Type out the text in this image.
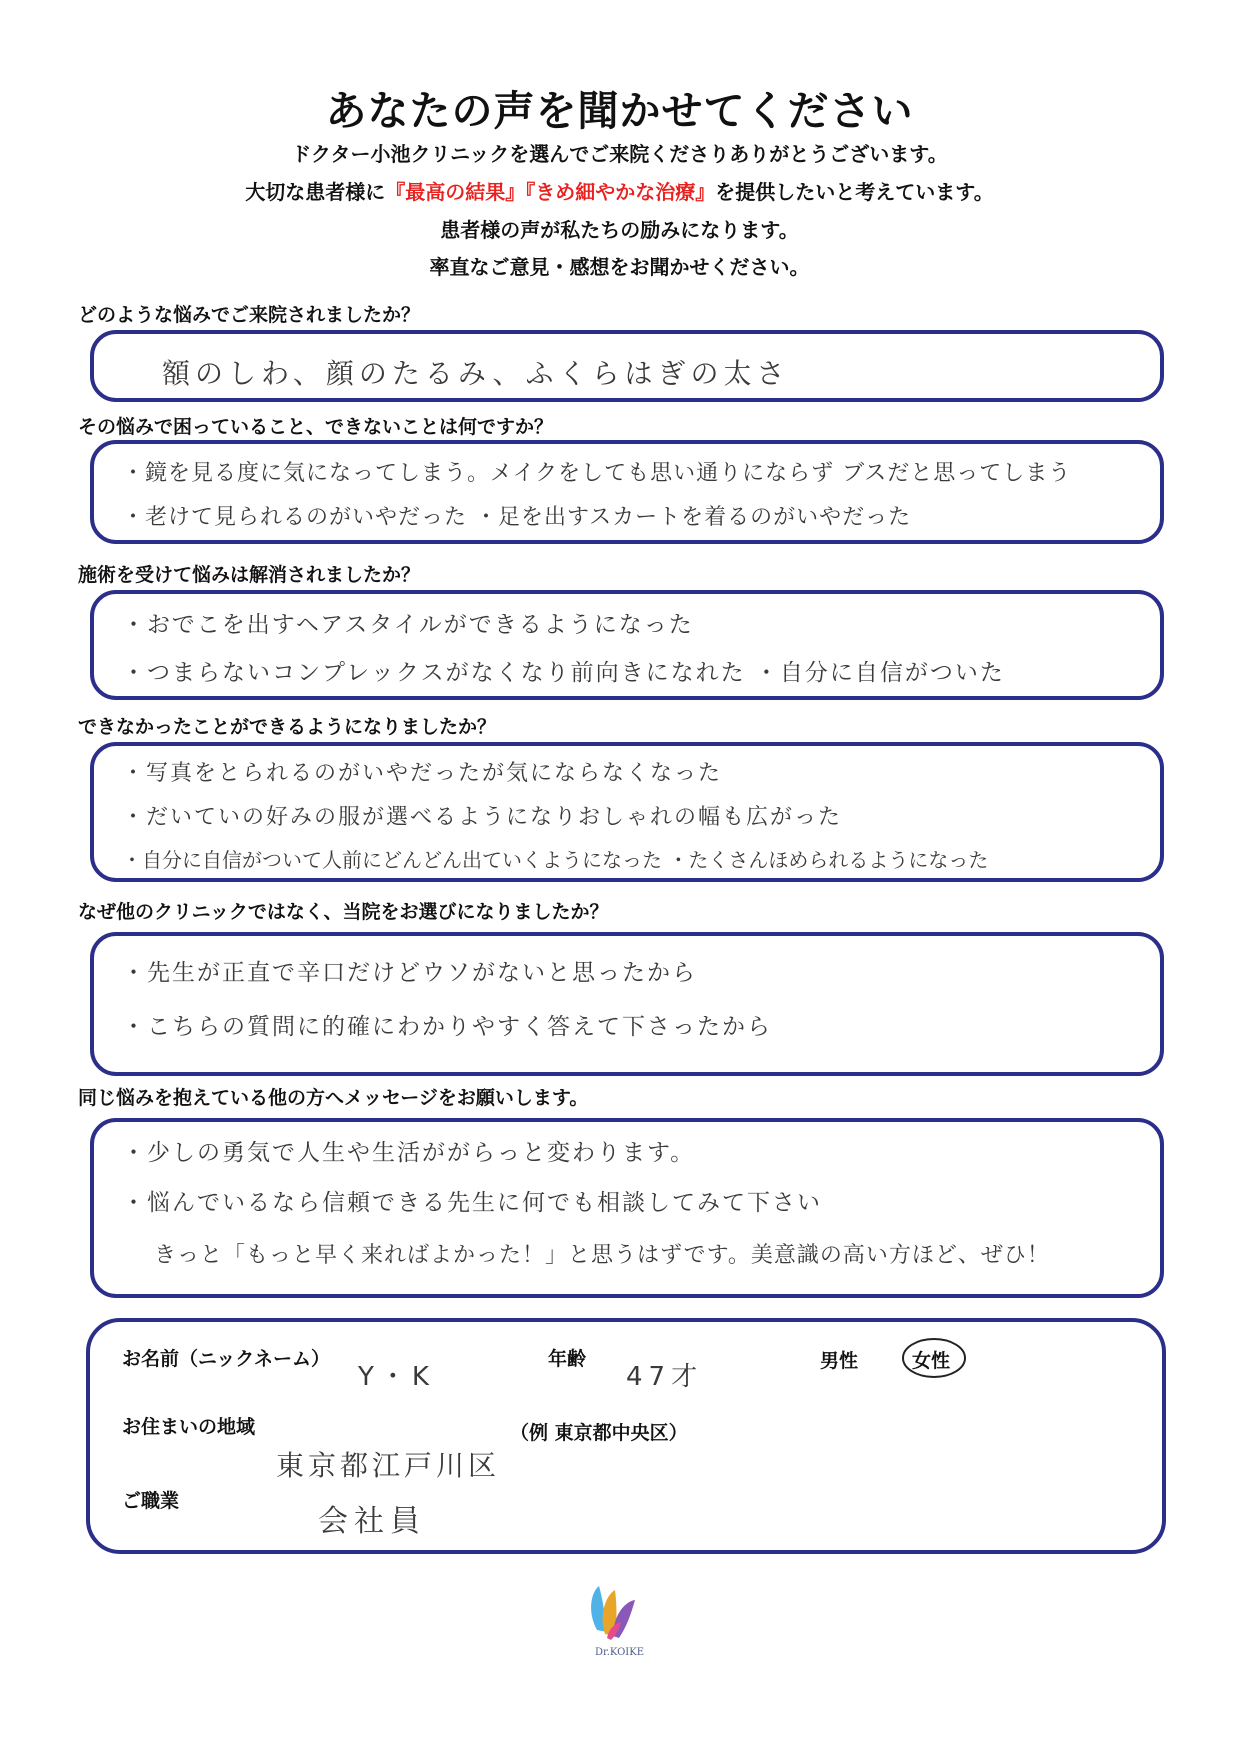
あなたの声を聞かせてください
ドクター小池クリニックを選んでご来院くださりありがとうございます。
大切な患者様に『最高の結果』『きめ細やかな治療』を提供したいと考えています。
患者様の声が私たちの励みになります。
率直なご意見・感想をお聞かせください。
どのような悩みでご来院されましたか？
額のしわ、顔のたるみ、ふくらはぎの太さ
その悩みで困っていること、できないことは何ですか？
・鏡を見る度に気になってしまう。メイクをしても思い通りにならず ブスだと思ってしまう
・老けて見られるのがいやだった ・足を出すスカートを着るのがいやだった
施術を受けて悩みは解消されましたか？
・おでこを出すヘアスタイルができるようになった
・つまらないコンプレックスがなくなり前向きになれた ・自分に自信がついた
できなかったことができるようになりましたか？
・写真をとられるのがいやだったが気にならなくなった
・だいていの好みの服が選べるようになりおしゃれの幅も広がった
・自分に自信がついて人前にどんどん出ていくようになった ・たくさんほめられるようになった
なぜ他のクリニックではなく、当院をお選びになりましたか？
・先生が正直で辛口だけどウソがないと思ったから
・こちらの質問に的確にわかりやすく答えて下さったから
同じ悩みを抱えている他の方へメッセージをお願いします。
・少しの勇気で人生や生活ががらっと変わります。
・悩んでいるなら信頼できる先生に何でも相談してみて下さい
きっと「もっと早く来ればよかった！」と思うはずです。美意識の高い方ほど、ぜひ！
お名前（ニックネーム）
Y・K
年齢
47才
男性	女性
お住まいの地域	（例 東京都中央区）
東京都江戸川区
ご職業
会社員
Dr.KOIKE
